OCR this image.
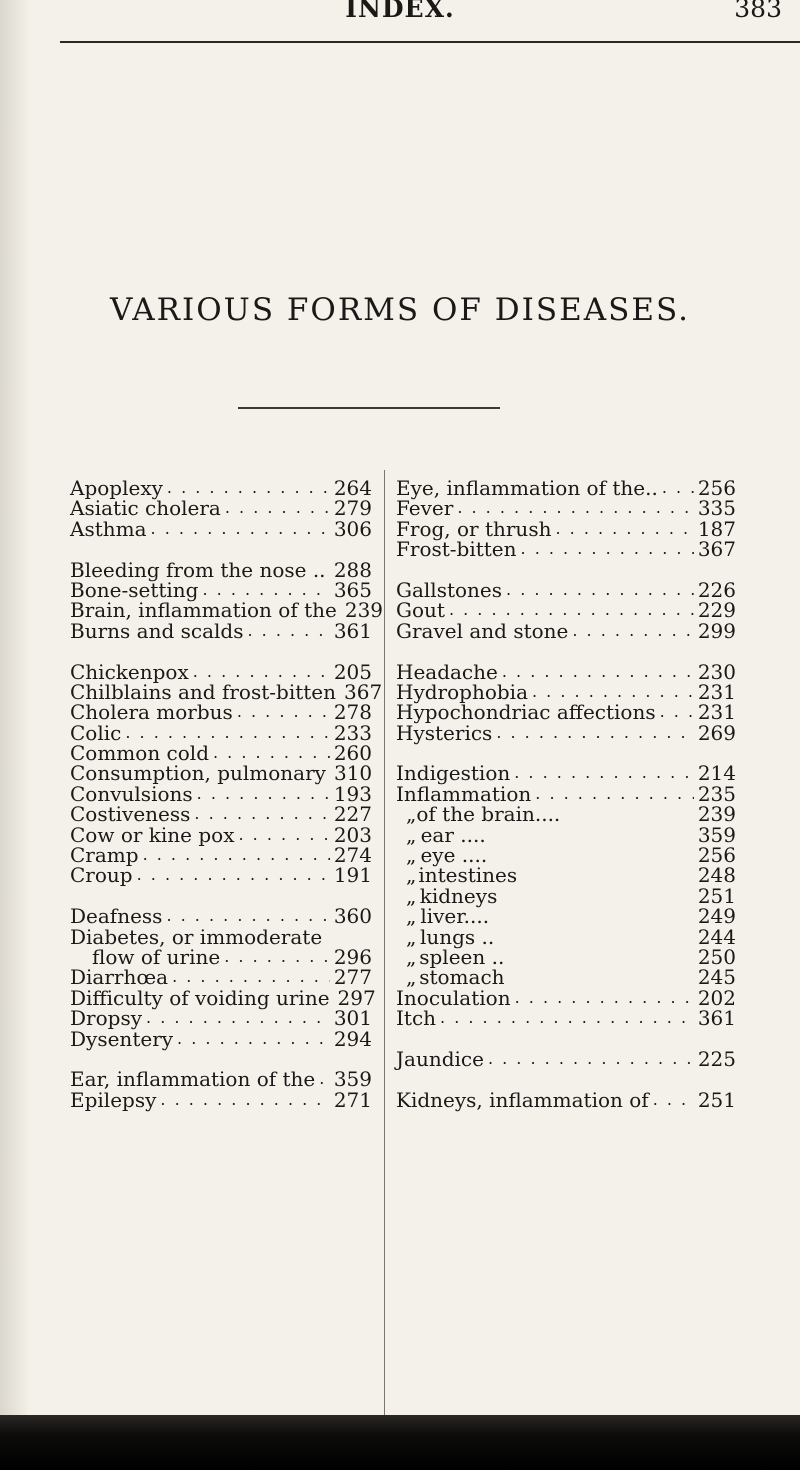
INDEX.	383
VARIOUS FORMS OF DISEASES.
Apoplexy . . .	264
Asiatic cholera . . .	279
Asthma . . .	306
Bleeding from the nose .. . . . 288
Bone-setting . . .	365
Brain, inflammation of the 239
Burns and scalds . . .	361
Chickenpox . . .	205
Chilblains and frost-bitten 367
Cholera morbus . . .	278
Colic . . .	233
Common cold . . .	260
Consumption, pulmonary 310
Convulsions . . .	193
Costiveness . . .	227
Cow or kine pox . . .	203
Cramp . . .	274
Croup . . .	191
Deafness . . .	360
Diabetes, or immoderate
flow of urine . . .	296
Diarrhœa . . .	277
Difficulty of voiding urine 297
Dropsy . . .	301
Dysentery . . .	294
Ear, inflammation of the . . . 359
Epilepsy . . .	271
Eye, inflammation of the.. . . . 256
Fever . . .	335
Frog, or thrush . . .	187
Frost-bitten . . .	367
Gallstones . . .	226
Gout . . .	229
Gravel and stone . . .	299
Headache . . .	230
Hydrophobia . . .	231
Hypochondriac affections . . . 231
Hysterics . . .	269
Indigestion . . .	214
Inflammation . . .	235
„ of the brain....	239
„ ear ....	359
„ eye ....	256
„ intestines	248
„ kidneys	251
„ liver....	249
„ lungs ..	244
„ spleen ..	250
„ stomach	245
Inoculation . . .	202
Itch . . .	361
Jaundice . . .	225
Kidneys, inflammation of . . . 251
